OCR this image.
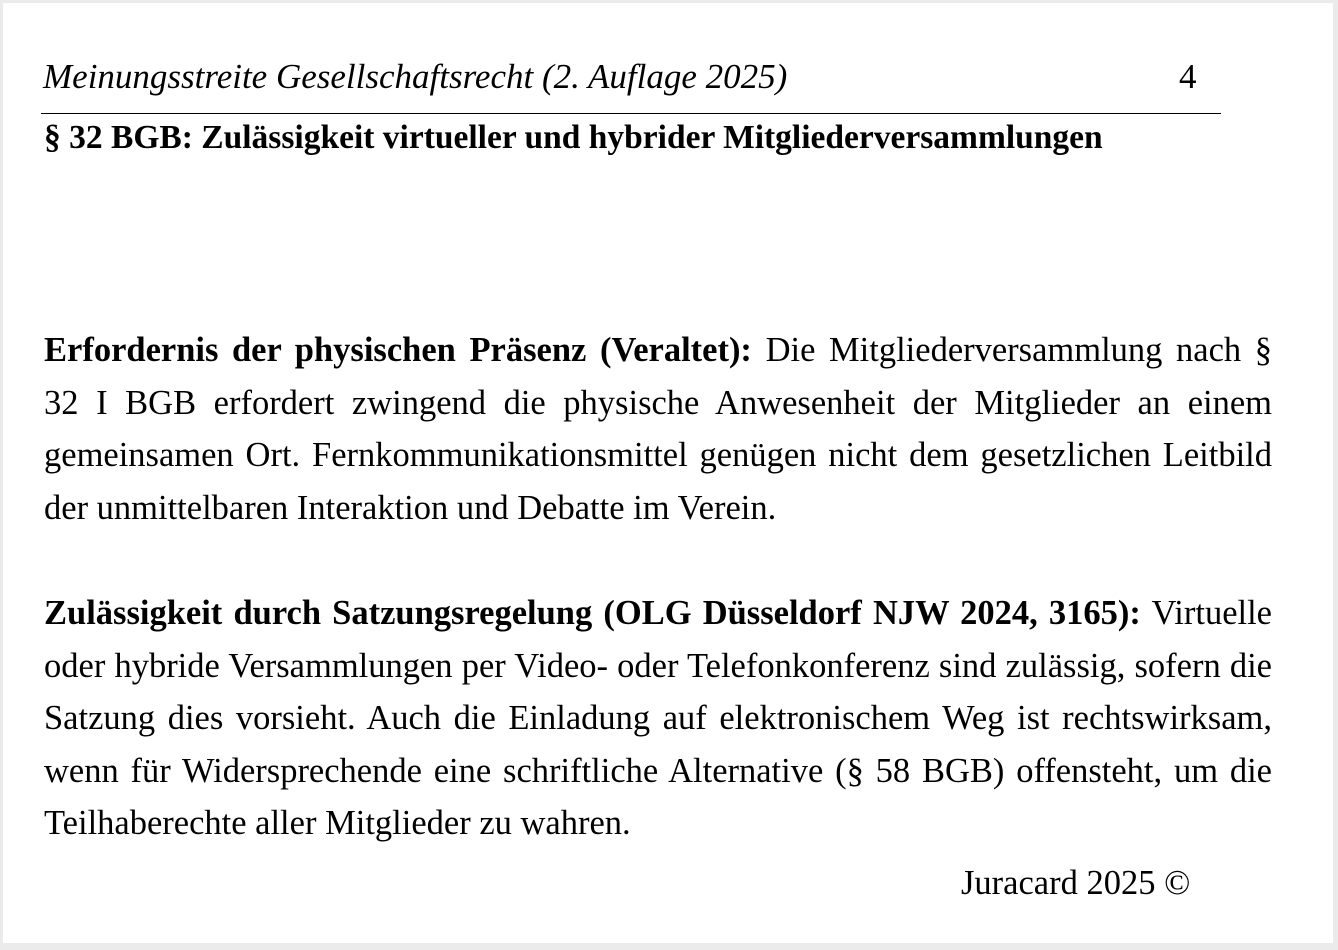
Meinungsstreite Gesellschaftsrecht (2. Auflage 2025)	4
§ 32 BGB: Zulässigkeit virtueller und hybrider Mitgliederversammlungen

Erfordernis der physischen Präsenz (Veraltet): Die Mitgliederversammlung nach § 32 I BGB erfordert zwingend die physische Anwesenheit der Mitglieder an einem gemeinsamen Ort. Fernkommunikationsmittel genügen nicht dem gesetzlichen Leitbild der unmittelbaren Interaktion und Debatte im Verein.

Zulässigkeit durch Satzungsregelung (OLG Düsseldorf NJW 2024, 3165): Virtuelle oder hybride Versammlungen per Video- oder Telefonkonferenz sind zulässig, sofern die Satzung dies vorsieht. Auch die Einladung auf elektronischem Weg ist rechtswirksam, wenn für Widersprechende eine schriftliche Alternative (§ 58 BGB) offensteht, um die Teilhaberechte aller Mitglieder zu wahren.

Juracard 2025 ©
